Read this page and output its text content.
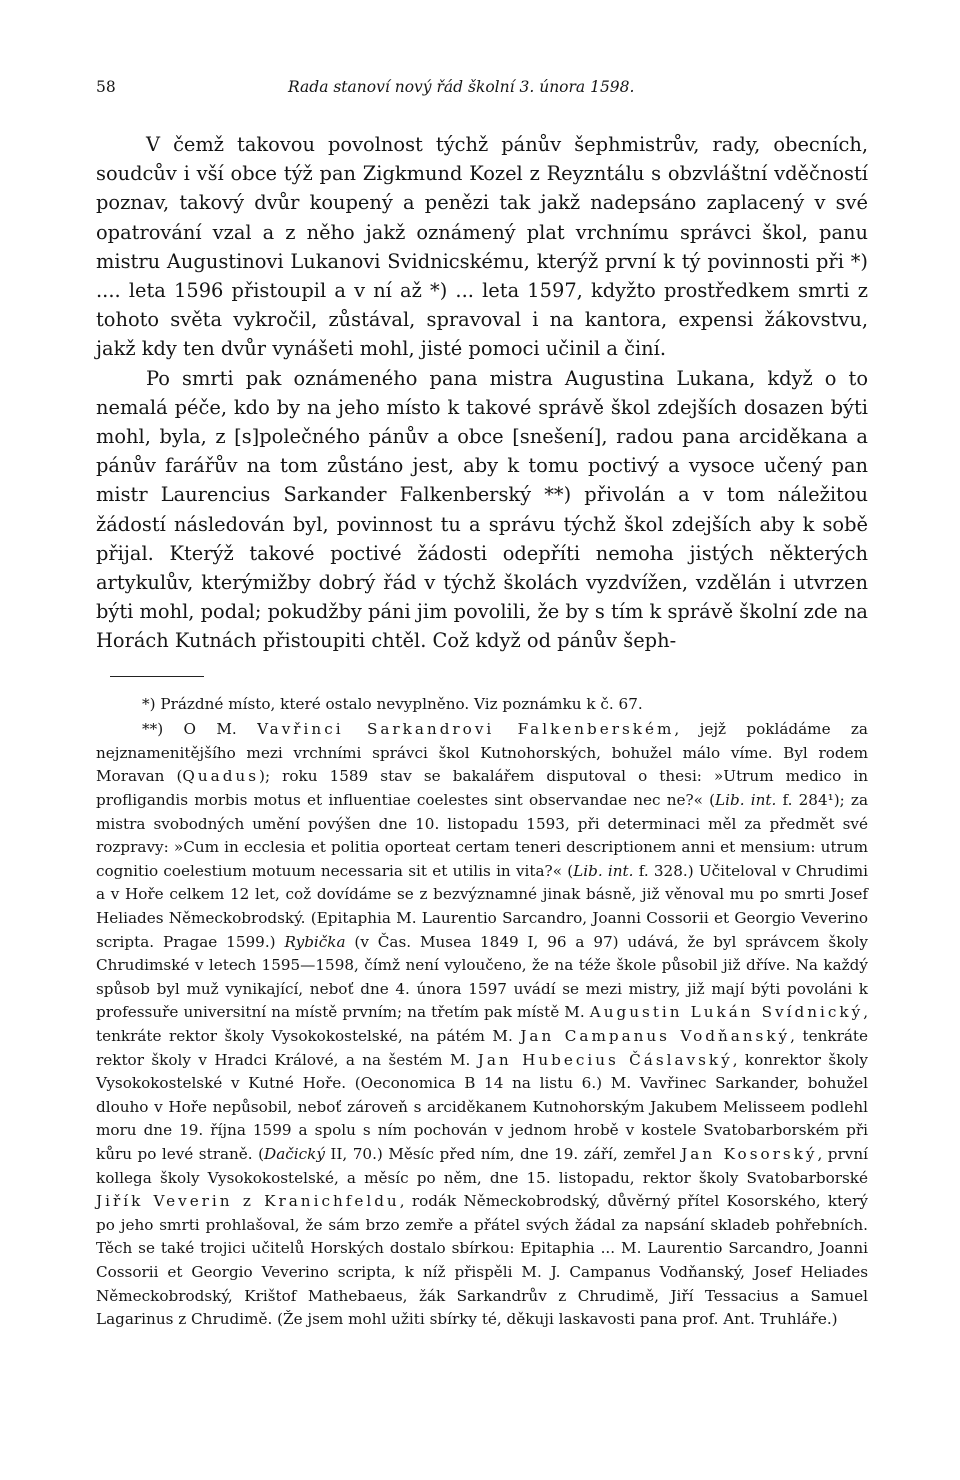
58	Rada stanoví nový řád školní 3. února 1598.

V čemž takovou povolnost týchž pánův šephmistrův, rady, obecních, soudcův i vší obce týž pan Zigkmund Kozel z Reyzntálu s obzvláštní vděčností poznav, takový dvůr koupený a penězi tak jakž nadepsáno zaplacený v své opatrování vzal a z něho jakž oznámený plat vrchnímu správci škol, panu mistru Augustinovi Lukanovi Svidnicskému, kterýž první k tý povinnosti při *) .... leta 1596 přistoupil a v ní až *) ... leta 1597, kdyžto prostředkem smrti z tohoto světa vykročil, zůstával, spravoval i na kantora, expensi žákovstvu, jakž kdy ten dvůr vynášeti mohl, jisté pomoci učinil a činí.

Po smrti pak oznámeného pana mistra Augustina Lukana, když o to nemalá péče, kdo by na jeho místo k takové správě škol zdejších dosazen býti mohl, byla, z [s]polečného pánův a obce [snešení], radou pana arciděkana a pánův farářův na tom zůstáno jest, aby k tomu poctivý a vysoce učený pan mistr Laurencius Sarkander Falkenberský **) přivolán a v tom náležitou žádostí následován byl, povinnost tu a správu týchž škol zdejších aby k sobě přijal. Kterýž takové poctivé žádosti odepříti nemoha jistých některých artykulův, kterýmižby dobrý řád v týchž školách vyzdvížen, vzdělán i utvrzen býti mohl, podal; pokudžby páni jim povolili, že by s tím k správě školní zde na Horách Kutnách přistoupiti chtěl. Což když od pánův šeph-

*) Prázdné místo, které ostalo nevyplněno. Viz poznámku k č. 67.

**) O M. Vavřinci Sarkandrovi Falkenberském, jejž pokládáme za nejznamenitějšího mezi vrchními správci škol Kutnohorských, bohužel málo víme. Byl rodem Moravan (Quadus); roku 1589 stav se bakalářem disputoval o thesi: »Utrum medico in profligandis morbis motus et influentiae coelestes sint observandae nec ne?« (Lib. int. f. 284¹); za mistra svobodných umění povýšen dne 10. listopadu 1593, při determinaci měl za předmět své rozpravy: »Cum in ecclesia et politia oporteat certam teneri descriptionem anni et mensium: utrum cognitio coelestium motuum necessaria sit et utilis in vita?« (Lib. int. f. 328.) Učiteloval v Chrudimi a v Hoře celkem 12 let, což dovídáme se z bezvýznamné jinak básně, již věnoval mu po smrti Josef Heliades Německobrodský. (Epitaphia M. Laurentio Sarcandro, Joanni Cossorii et Georgio Veverino scripta. Pragae 1599.) Rybička (v Čas. Musea 1849 I, 96 a 97) udává, že byl správcem školy Chrudimské v letech 1595—1598, čímž není vyloučeno, že na téže škole působil již dříve. Na každý spůsob byl muž vynikající, neboť dne 4. února 1597 uvádí se mezi mistry, již mají býti povoláni k professuře universitní na místě prvním; na třetím pak místě M. Augustin Lukán Svídnický, tenkráte rektor školy Vysokokostelské, na pátém M. Jan Campanus Vodňanský, tenkráte rektor školy v Hradci Králové, a na šestém M. Jan Hubecius Čáslavský, konrektor školy Vysokokostelské v Kutné Hoře. (Oeconomica B 14 na listu 6.) M. Vavřinec Sarkander, bohužel dlouho v Hoře nepůsobil, neboť zároveň s arciděkanem Kutnohorským Jakubem Melisseem podlehl moru dne 19. října 1599 a spolu s ním pochován v jednom hrobě v kostele Svatobarborském při kůru po levé straně. (Dačický II, 70.) Měsíc před ním, dne 19. září, zemřel Jan Kosorský, první kollega školy Vysokokostelské, a měsíc po něm, dne 15. listopadu, rektor školy Svatobarborské Jiřík Veverin z Kranichfeldu, rodák Německobrodský, důvěrný přítel Kosorského, který po jeho smrti prohlašoval, že sám brzo zemře a přátel svých žádal za napsání skladeb pohřebních. Těch se také trojici učitelů Horských dostalo sbírkou: Epitaphia ... M. Laurentio Sarcandro, Joanni Cossorii et Georgio Veverino scripta, k níž přispěli M. J. Campanus Vodňanský, Josef Heliades Německobrodský, Krištof Mathebaeus, žák Sarkandrův z Chrudimě, Jiří Tessacius a Samuel Lagarinus z Chrudimě. (Že jsem mohl užiti sbírky té, děkuji laskavosti pana prof. Ant. Truhláře.)
